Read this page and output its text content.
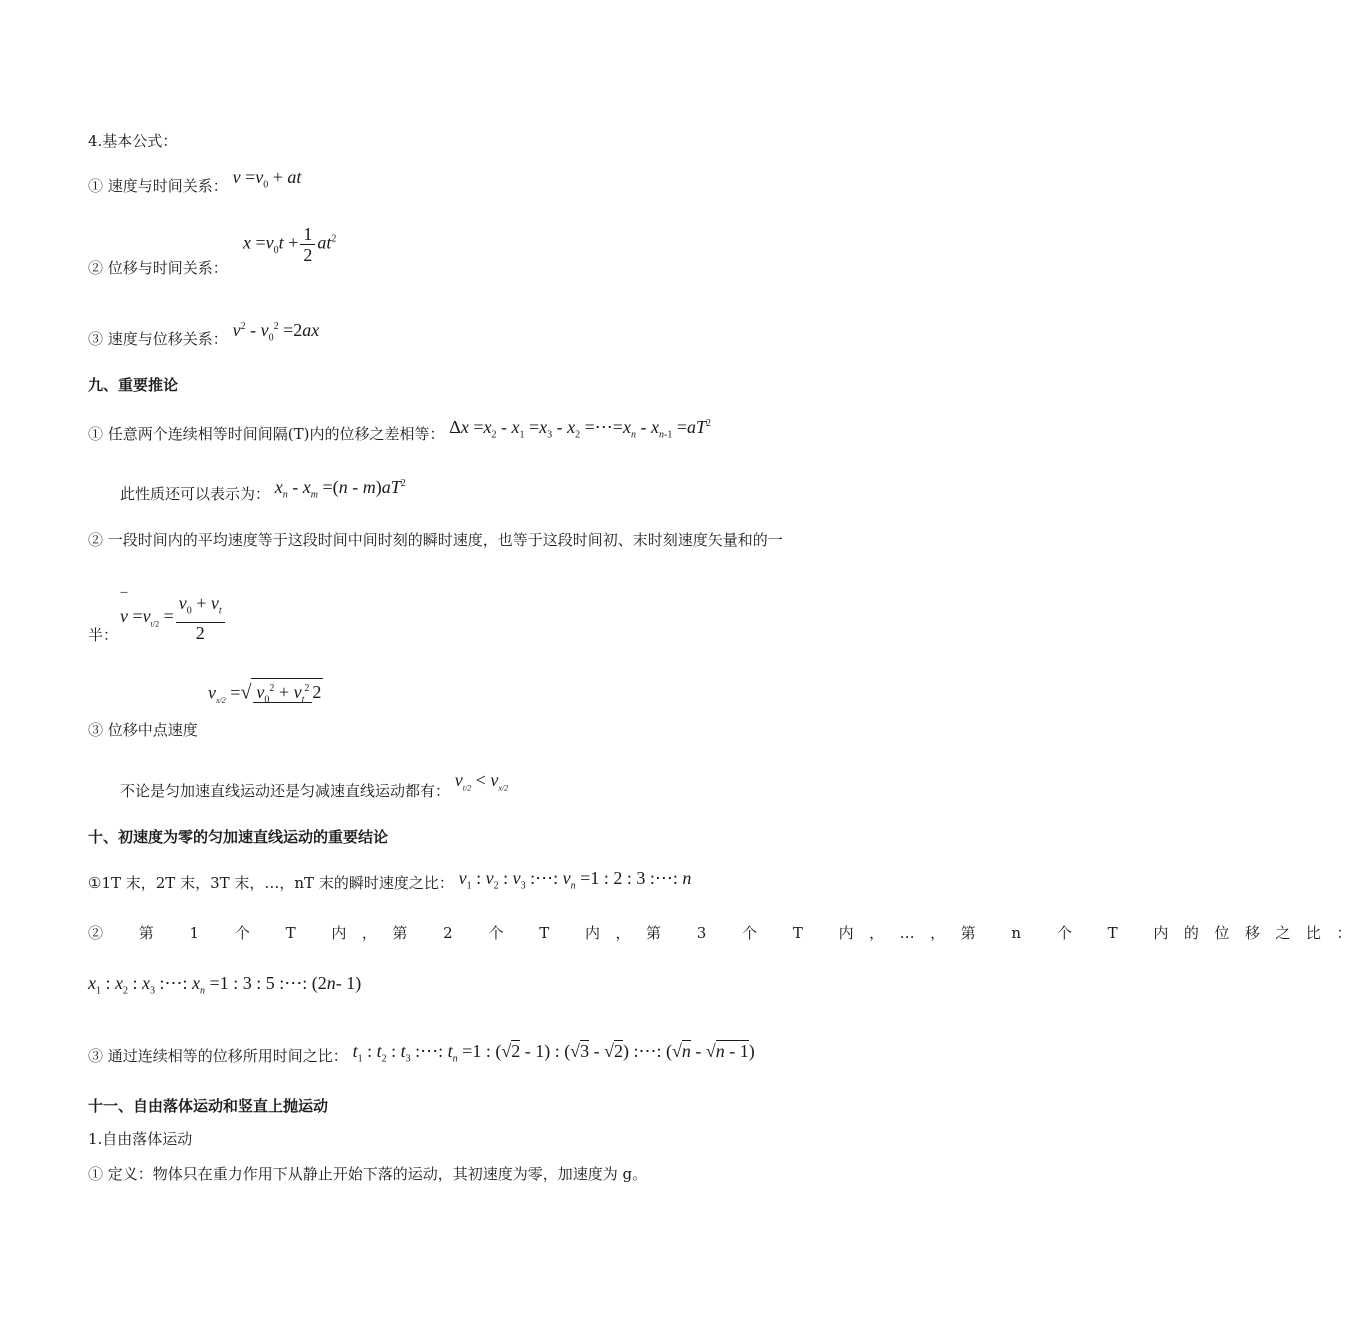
4.基本公式：
① 速度与时间关系： $v =v_0$ + at
② 位移与时间关系：
$x =v_0t + \frac{1}{2} at^2$
③ 速度与位移关系： $v^2 - v_0^2 =2ax$
九、重要推论
① 任意两个连续相等时间间隔(T)内的位移之差相等： $\Delta x =x_2 - x_1 =x_3 - x_2$ $=\cdots=x_n - x_{n-1} =aT^2$
此性质还可以表示为： $x_n - x_m =(n - m)aT^2$
② 一段时间内的平均速度等于这段时间中间时刻的瞬时速度，也等于这段时间初、末时刻速度矢量和的一
半：
‾
$v =v_{t/2} = \frac{v_0 + v_t}{2}$
③ 位移中点速度
$v_{x/2}$ =√ $v_0^2 + v_t^2$ 2
不论是匀加速直线运动还是匀减速直线运动都有： $v_{t/2} < v_{x/2}$
十、初速度为零的匀加速直线运动的重要结论
①1T 末，2T 末，3T 末，…，nT 末的瞬时速度之比： $v_1$ : $v_2$ : $v_3$ :⋯: $v_n =1$ : 2 : 3 :⋯: n
② 第 1 个 T 内，第 2 个 T 内，第 3 个 T 内，…，第 n 个 T 内的位移之比：
$x_1$ : $x_2$ : $x_3$ :⋯: $x_n =1$ : 3 : 5 :⋯: (2n- 1)
③ 通过连续相等的位移所用时间之比： $t_1$ : $t_2$ : $t_3$ :⋯: $t_n =1$ : (√2 - 1) : (√3 - √2) :⋯: (√n - √n - 1)
十一、自由落体运动和竖直上抛运动
1.自由落体运动
① 定义：物体只在重力作用下从静止开始下落的运动，其初速度为零，加速度为 g。
